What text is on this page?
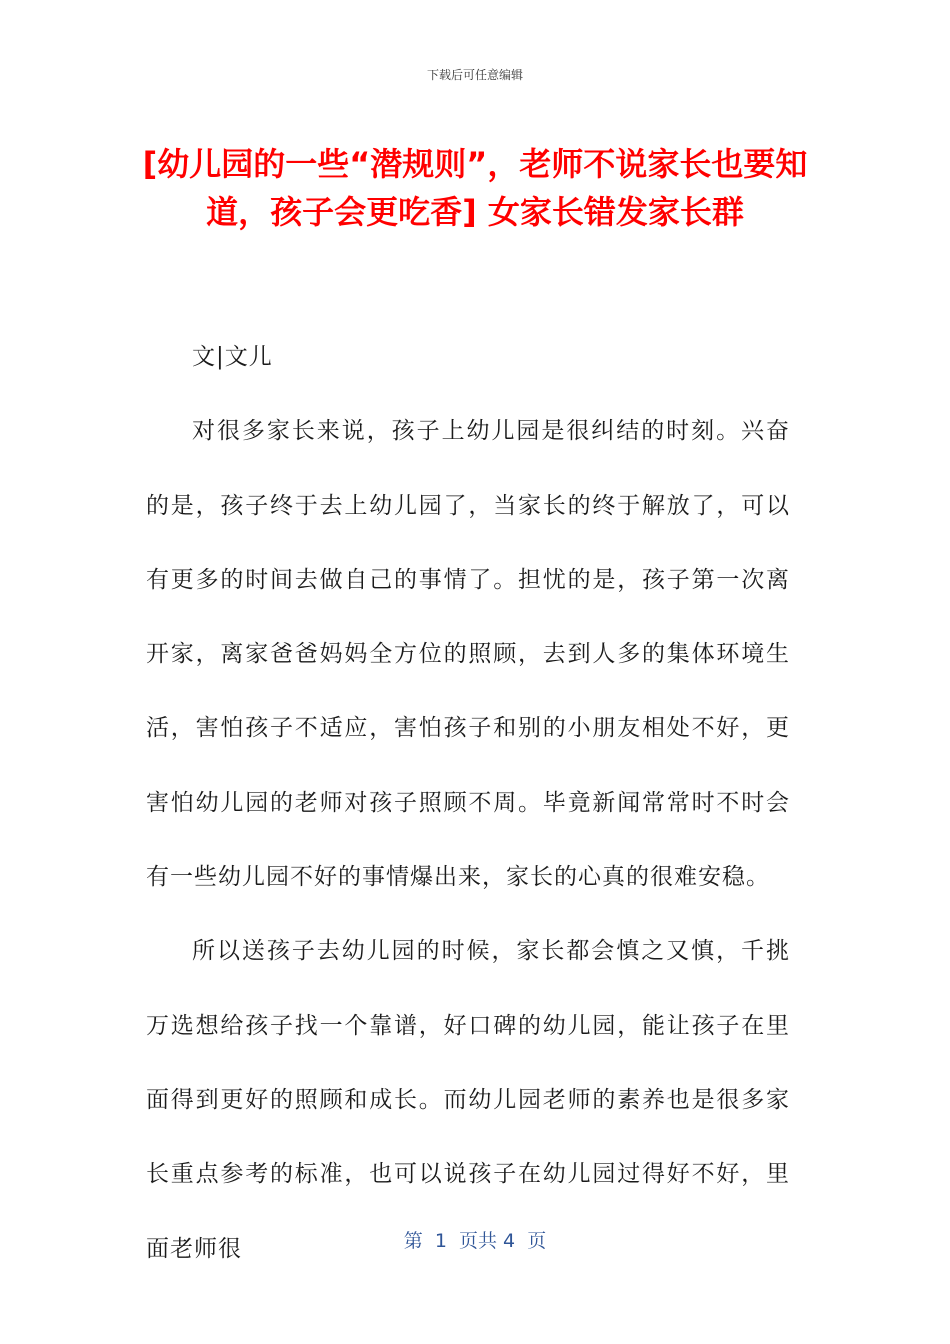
下载后可任意编辑
[幼儿园的一些“潜规则”，老师不说家长也要知道，孩子会更吃香] 女家长错发家长群

文|文儿

对很多家长来说，孩子上幼儿园是很纠结的时刻。兴奋的是，孩子终于去上幼儿园了，当家长的终于解放了，可以有更多的时间去做自己的事情了。担忧的是，孩子第一次离开家，离家爸爸妈妈全方位的照顾，去到人多的集体环境生活，害怕孩子不适应，害怕孩子和别的小朋友相处不好，更害怕幼儿园的老师对孩子照顾不周。毕竟新闻常常时不时会有一些幼儿园不好的事情爆出来，家长的心真的很难安稳。

所以送孩子去幼儿园的时候，家长都会慎之又慎，千挑万选想给孩子找一个靠谱，好口碑的幼儿园，能让孩子在里面得到更好的照顾和成长。而幼儿园老师的素养也是很多家长重点参考的标准，也可以说孩子在幼儿园过得好不好，里面老师很	第  1  页共 4  页
